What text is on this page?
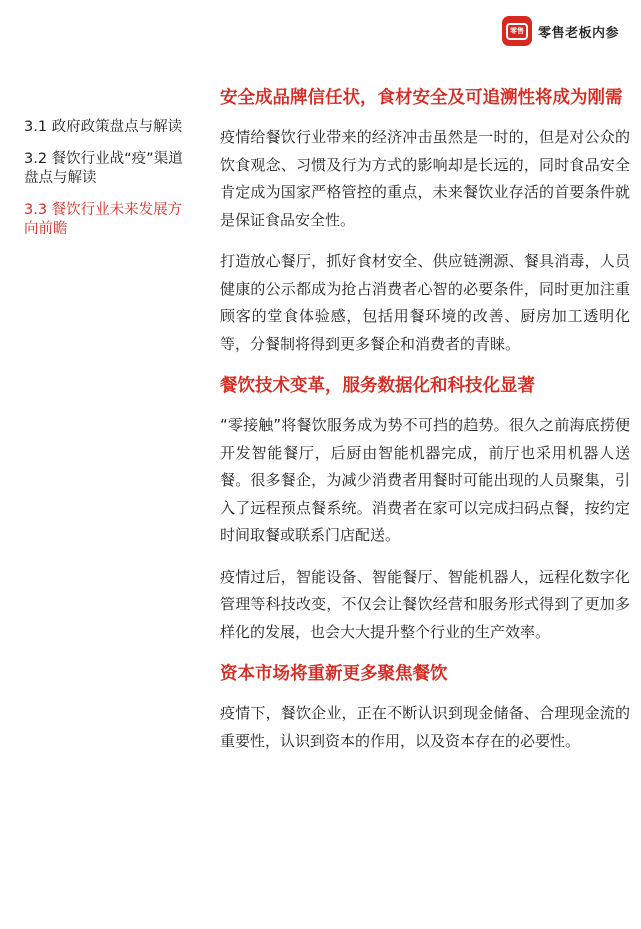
零售	零售老板内参
3.1 政府政策盘点与解读
3.2 餐饮行业战“疫”渠道盘点与解读
3.3 餐饮行业未来发展方向前瞻
安全成品牌信任状，食材安全及可追溯性将成为刚需

疫情给餐饮行业带来的经济冲击虽然是一时的，但是对公众的饮食观念、习惯及行为方式的影响却是长远的，同时食品安全肯定成为国家严格管控的重点，未来餐饮业存活的首要条件就是保证食品安全性。

打造放心餐厅，抓好食材安全、供应链溯源、餐具消毒，人员健康的公示都成为抢占消费者心智的必要条件，同时更加注重顾客的堂食体验感，包括用餐环境的改善、厨房加工透明化等，分餐制将得到更多餐企和消费者的青睐。

餐饮技术变革，服务数据化和科技化显著

“零接触”将餐饮服务成为势不可挡的趋势。很久之前海底捞便开发智能餐厅，后厨由智能机器完成，前厅也采用机器人送餐。很多餐企，为减少消费者用餐时可能出现的人员聚集，引入了远程预点餐系统。消费者在家可以完成扫码点餐，按约定时间取餐或联系门店配送。

疫情过后，智能设备、智能餐厅、智能机器人，远程化数字化管理等科技改变，不仅会让餐饮经营和服务形式得到了更加多样化的发展，也会大大提升整个行业的生产效率。

资本市场将重新更多聚焦餐饮

疫情下，餐饮企业，正在不断认识到现金储备、合理现金流的重要性，认识到资本的作用，以及资本存在的必要性。
